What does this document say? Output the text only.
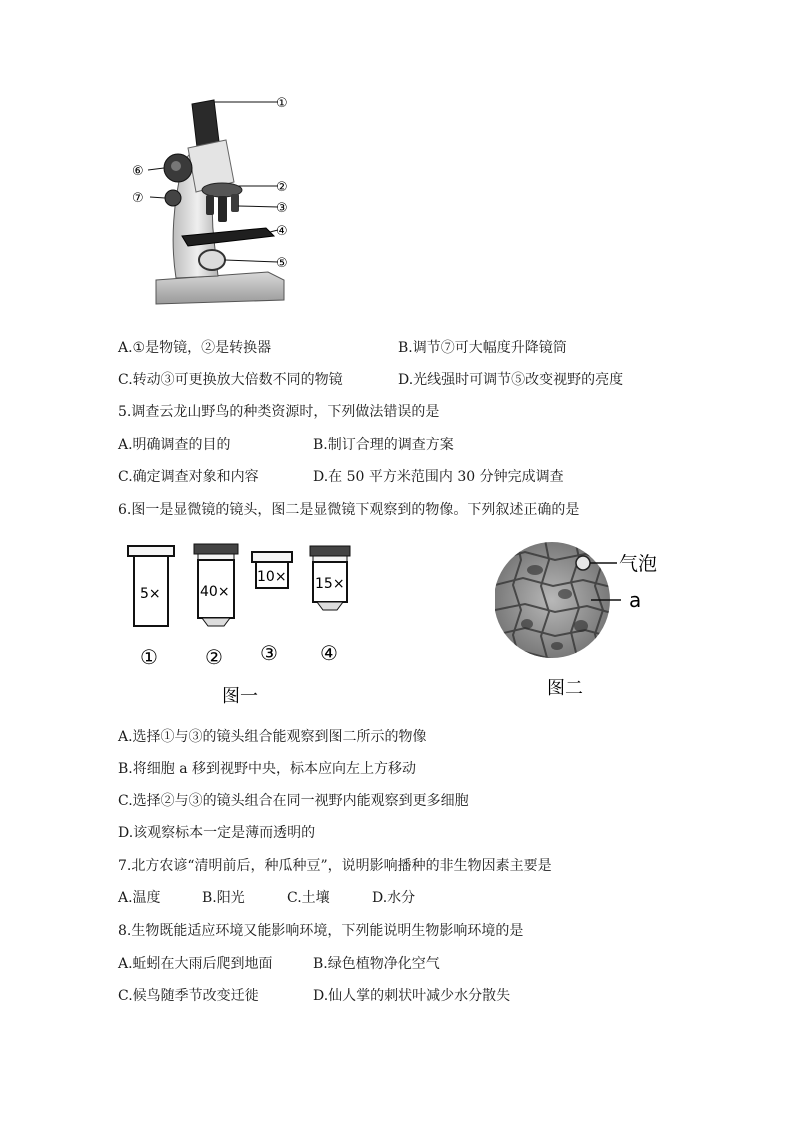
①
②
③
④
⑤
⑥
⑦
A.①是物镜，②是转换器	B.调节⑦可大幅度升降镜筒
C.转动③可更换放大倍数不同的物镜	D.光线强时可调节⑤改变视野的亮度
5.调查云龙山野鸟的种类资源时，下列做法错误的是
A.明确调查的目的	B.制订合理的调查方案
C.确定调查对象和内容	D.在 50 平方米范围内 30 分钟完成调查
6.图一是显微镜的镜头，图二是显微镜下观察到的物像。下列叙述正确的是
5×
①
40×
②
10×
③
15×
④
图一
气泡
a
图二
A.选择①与③的镜头组合能观察到图二所示的物像
B.将细胞 a 移到视野中央，标本应向左上方移动
C.选择②与③的镜头组合在同一视野内能观察到更多细胞
D.该观察标本一定是薄而透明的
7.北方农谚“清明前后，种瓜种豆”，说明影响播种的非生物因素主要是
A.温度	B.阳光	C.土壤	D.水分
8.生物既能适应环境又能影响环境，下列能说明生物影响环境的是
A.蚯蚓在大雨后爬到地面	B.绿色植物净化空气
C.候鸟随季节改变迁徙	D.仙人掌的刺状叶减少水分散失
